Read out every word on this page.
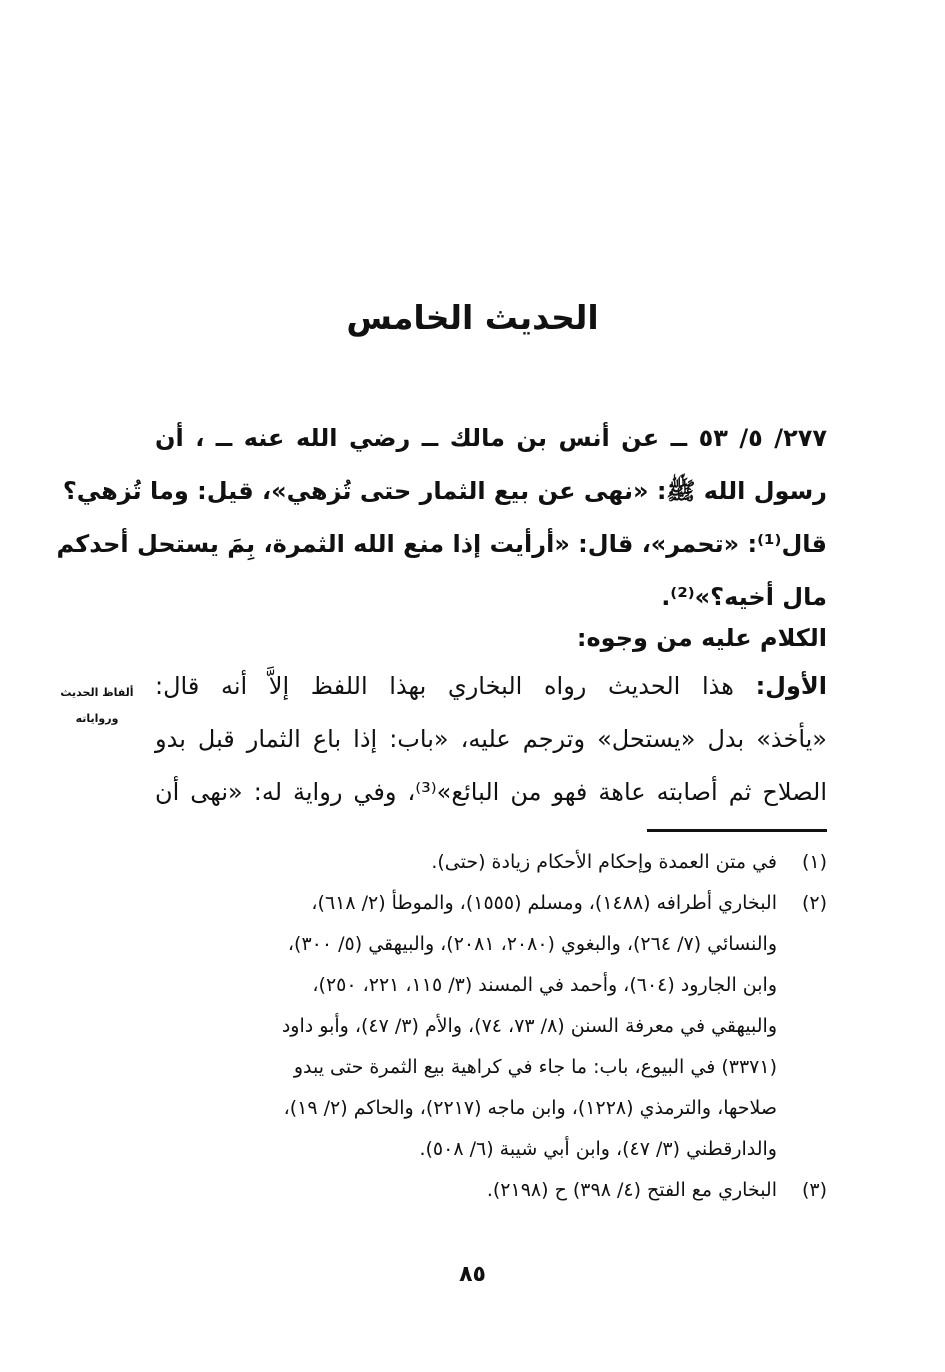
الحديث الخامس
٢٧٧/ ٥/ ٥٣ ــ عن أنس بن مالك ــ رضي الله عنه ــ ، أن
رسول الله ﷺ: «نهى عن بيع الثمار حتى تُزهي»، قيل: وما تُزهي؟
قال⁽¹⁾: «تحمر»، قال: «أرأيت إذا منع الله الثمرة، بِمَ يستحل أحدكم
مال أخيه؟»⁽²⁾.
الكلام عليه من وجوه:
الأول: هذا الحديث رواه البخاري بهذا اللفظ إلاَّ أنه قال:
«يأخذ» بدل «يستحل» وترجم عليه، «باب: إذا باع الثمار قبل بدو
الصلاح ثم أصابته عاهة فهو من البائع»⁽³⁾، وفي رواية له: «نهى أن
ألفاظ الحديث
ورواياته
(١)
في متن العمدة وإحكام الأحكام زيادة (حتى).
(٢)
البخاري أطرافه (١٤٨٨)، ومسلم (١٥٥٥)، والموطأ (٢/ ٦١٨)،
والنسائي (٧/ ٢٦٤)، والبغوي (٢٠٨٠، ٢٠٨١)، والبيهقي (٥/ ٣٠٠)،
وابن الجارود (٦٠٤)، وأحمد في المسند (٣/ ١١٥، ٢٢١، ٢٥٠)،
والبيهقي في معرفة السنن (٨/ ٧٣، ٧٤)، والأم (٣/ ٤٧)، وأبو داود
(٣٣٧١) في البيوع، باب: ما جاء في كراهية بيع الثمرة حتى يبدو
صلاحها، والترمذي (١٢٢٨)، وابن ماجه (٢٢١٧)، والحاكم (٢/ ١٩)،
والدارقطني (٣/ ٤٧)، وابن أبي شيبة (٦/ ٥٠٨).
(٣)
البخاري مع الفتح (٤/ ٣٩٨) ح (٢١٩٨).
٨٥
